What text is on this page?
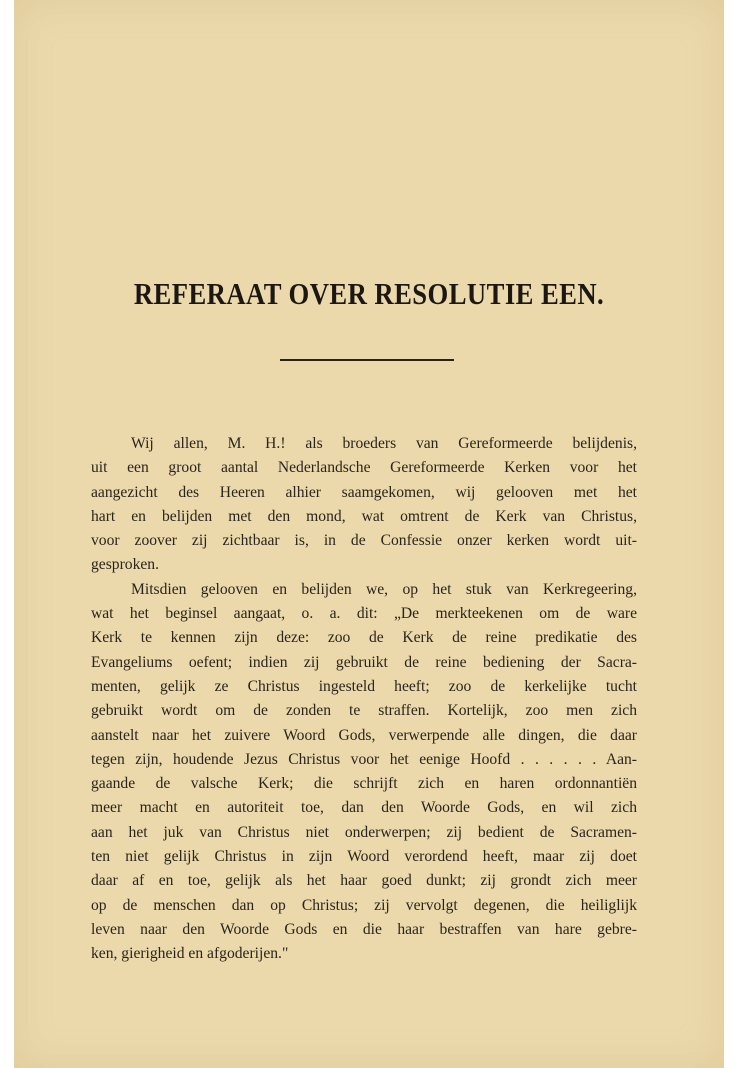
REFERAAT OVER RESOLUTIE EEN.

Wij allen, M. H.! als broeders van Gereformeerde belijdenis,
uit een groot aantal Nederlandsche Gereformeerde Kerken voor het
aangezicht des Heeren alhier saamgekomen, wij gelooven met het
hart en belijden met den mond, wat omtrent de Kerk van Christus,
voor zoover zij zichtbaar is, in de Confessie onzer kerken wordt uit-
gesproken.

Mitsdien gelooven en belijden we, op het stuk van Kerkregeering,
wat het beginsel aangaat, o. a. dit: „De merkteekenen om de ware
Kerk te kennen zijn deze: zoo de Kerk de reine predikatie des
Evangeliums oefent; indien zij gebruikt de reine bediening der Sacra-
menten, gelijk ze Christus ingesteld heeft; zoo de kerkelijke tucht
gebruikt wordt om de zonden te straffen. Kortelijk, zoo men zich
aanstelt naar het zuivere Woord Gods, verwerpende alle dingen, die daar
tegen zijn, houdende Jezus Christus voor het eenige Hoofd . . . . . . Aan-
gaande de valsche Kerk; die schrijft zich en haren ordonnantiën
meer macht en autoriteit toe, dan den Woorde Gods, en wil zich
aan het juk van Christus niet onderwerpen; zij bedient de Sacramen-
ten niet gelijk Christus in zijn Woord verordend heeft, maar zij doet
daar af en toe, gelijk als het haar goed dunkt; zij grondt zich meer
op de menschen dan op Christus; zij vervolgt degenen, die heiliglijk
leven naar den Woorde Gods en die haar bestraffen van hare gebre-
ken, gierigheid en afgoderijen."
